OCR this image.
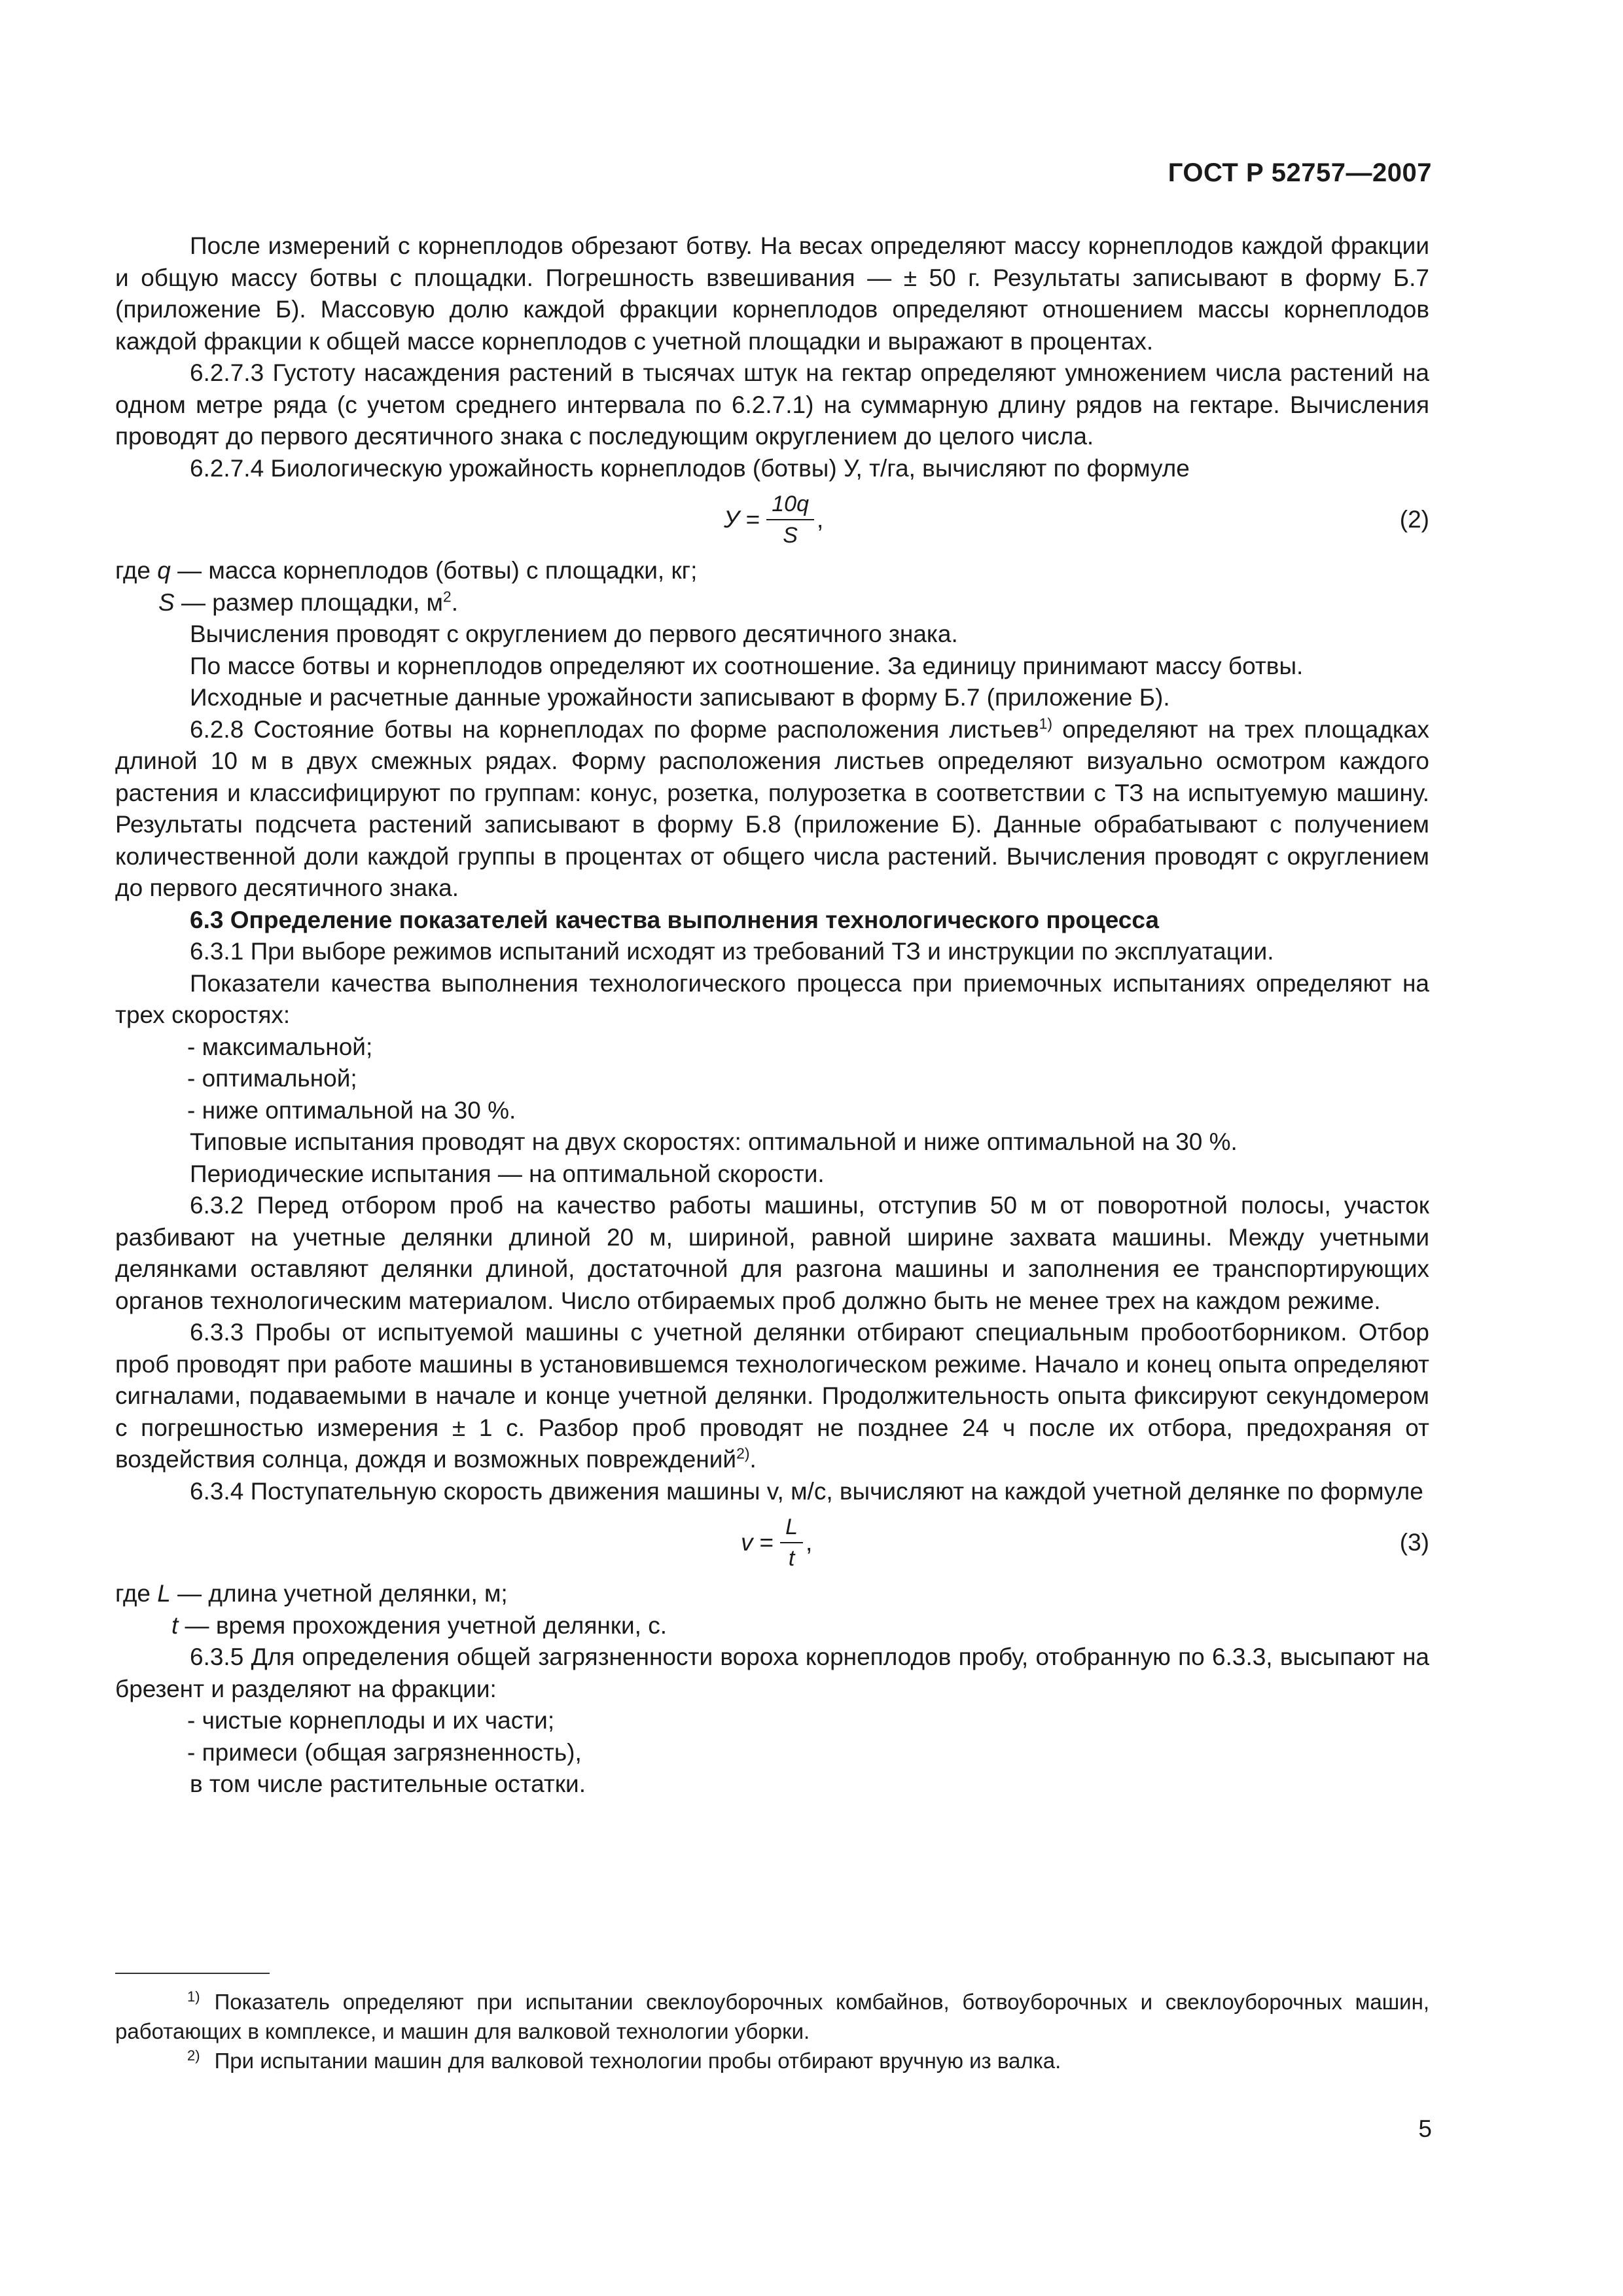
ГОСТ Р 52757—2007

После измерений с корнеплодов обрезают ботву. На весах определяют массу корнеплодов каждой фракции и общую массу ботвы с площадки. Погрешность взвешивания — ± 50 г. Результаты записывают в форму Б.7 (приложение Б). Массовую долю каждой фракции корнеплодов определяют отношением массы корнеплодов каждой фракции к общей массе корнеплодов с учетной площадки и выражают в процентах.

6.2.7.3 Густоту насаждения растений в тысячах штук на гектар определяют умножением числа растений на одном метре ряда (с учетом среднего интервала по 6.2.7.1) на суммарную длину рядов на гектаре. Вычисления проводят до первого десятичного знака с последующим округлением до целого числа.

6.2.7.4 Биологическую урожайность корнеплодов (ботвы) У, т/га, вычисляют по формуле

$У = \frac{10q}{S}$ ,	(2)

где q — масса корнеплодов (ботвы) с площадки, кг;

S — размер площадки, $м^2$.

Вычисления проводят с округлением до первого десятичного знака.

По массе ботвы и корнеплодов определяют их соотношение. За единицу принимают массу ботвы.

Исходные и расчетные данные урожайности записывают в форму Б.7 (приложение Б).

6.2.8 Состояние ботвы на корнеплодах по форме расположения листьев$^{1)}$ определяют на трех площадках длиной 10 м в двух смежных рядах. Форму расположения листьев определяют визуально осмотром каждого растения и классифицируют по группам: конус, розетка, полурозетка в соответствии с ТЗ на испытуемую машину. Результаты подсчета растений записывают в форму Б.8 (приложение Б). Данные обрабатывают с получением количественной доли каждой группы в процентах от общего числа растений. Вычисления проводят с округлением до первого десятичного знака.

6.3 Определение показателей качества выполнения технологического процесса

6.3.1 При выборе режимов испытаний исходят из требований ТЗ и инструкции по эксплуатации.

Показатели качества выполнения технологического процесса при приемочных испытаниях определяют на трех скоростях:

- максимальной;

- оптимальной;

- ниже оптимальной на 30 %.

Типовые испытания проводят на двух скоростях: оптимальной и ниже оптимальной на 30 %.

Периодические испытания — на оптимальной скорости.

6.3.2 Перед отбором проб на качество работы машины, отступив 50 м от поворотной полосы, участок разбивают на учетные делянки длиной 20 м, шириной, равной ширине захвата машины. Между учетными делянками оставляют делянки длиной, достаточной для разгона машины и заполнения ее транспортирующих органов технологическим материалом. Число отбираемых проб должно быть не менее трех на каждом режиме.

6.3.3 Пробы от испытуемой машины с учетной делянки отбирают специальным пробоотборником. Отбор проб проводят при работе машины в установившемся технологическом режиме. Начало и конец опыта определяют сигналами, подаваемыми в начале и конце учетной делянки. Продолжительность опыта фиксируют секундомером с погрешностью измерения ± 1 с. Разбор проб проводят не позднее 24 ч после их отбора, предохраняя от воздействия солнца, дождя и возможных повреждений$^{2)}$.

6.3.4 Поступательную скорость движения машины v, м/с, вычисляют на каждой учетной делянке по формуле

$v = \frac{L}{t}$ ,	(3)

где L — длина учетной делянки, м;

t — время прохождения учетной делянки, с.

6.3.5 Для определения общей загрязненности вороха корнеплодов пробу, отобранную по 6.3.3, высыпают на брезент и разделяют на фракции:

- чистые корнеплоды и их части;

- примеси (общая загрязненность),

в том числе растительные остатки.

$^{1)}$ Показатель определяют при испытании свеклоуборочных комбайнов, ботвоуборочных и свеклоуборочных машин, работающих в комплексе, и машин для валковой технологии уборки.

$^{2)}$ При испытании машин для валковой технологии пробы отбирают вручную из валка.

5
